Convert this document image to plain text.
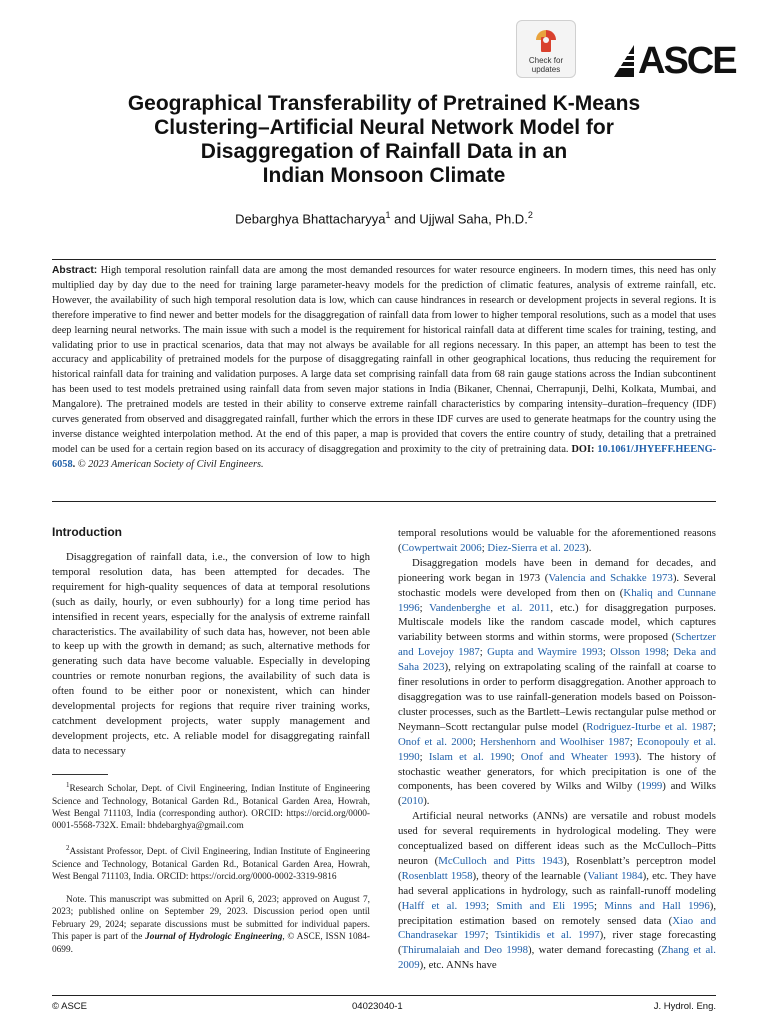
Check for
updates ASCE
Geographical Transferability of Pretrained K-Means
Clustering–Artificial Neural Network Model for
Disaggregation of Rainfall Data in an
Indian Monsoon Climate
Debarghya Bhattacharyya$^1$ and Ujjwal Saha, Ph.D.$^2$
Abstract: High temporal resolution rainfall data are among the most demanded resources for water resource engineers. In modern times, this need has only multiplied day by day due to the need for training large parameter-heavy models for the prediction of climatic features, analysis of extreme rainfall, etc. However, the availability of such high temporal resolution data is low, which can cause hindrances in research or development projects in several regions. It is therefore imperative to find newer and better models for the disaggregation of rainfall data from lower to higher temporal resolutions, such as a model that uses deep learning neural networks. The main issue with such a model is the requirement for historical rainfall data at different time scales for training, testing, and validating prior to use in practical scenarios, data that may not always be available for all regions necessary. In this paper, an attempt has been to test the accuracy and applicability of pretrained models for the purpose of disaggregating rainfall in other geographical locations, thus reducing the requirement for historical rainfall data for training and validation purposes. A large data set comprising rainfall data from 68 rain gauge stations across the Indian subcontinent has been used to test models pretrained using rainfall data from seven major stations in India (Bikaner, Chennai, Cherrapunji, Delhi, Kolkata, Mumbai, and Mangalore). The pretrained models are tested in their ability to conserve extreme rainfall characteristics by comparing intensity–duration–frequency (IDF) curves generated from observed and disaggregated rainfall, further which the errors in these IDF curves are used to generate heatmaps for the country using the inverse distance weighted interpolation method. At the end of this paper, a map is provided that covers the entire country of study, detailing that a pretrained model can be used for a certain region based on its accuracy of disaggregation and proximity to the city of pretraining data. DOI: 10.1061/JHYEFF.HEENG-6058. © 2023 American Society of Civil Engineers.
Introduction

Disaggregation of rainfall data, i.e., the conversion of low to high temporal resolution data, has been attempted for decades. The requirement for high-quality sequences of data at temporal resolutions (such as daily, hourly, or even subhourly) for a long time period has intensified in recent years, especially for the analysis of extreme rainfall characteristics. The availability of such data has, however, not been able to keep up with the growth in demand; as such, alternative methods for generating such data have become valuable. Especially in developing countries or remote nonurban regions, the availability of such data is often found to be either poor or nonexistent, which can hinder developmental projects for regions that require river training works, catchment development projects, water supply management and development projects, etc. A reliable model for disaggregating rainfall data to necessary

temporal resolutions would be valuable for the aforementioned reasons (Cowpertwait 2006; Diez-Sierra et al. 2023).

Disaggregation models have been in demand for decades, and pioneering work began in 1973 (Valencia and Schakke 1973). Several stochastic models were developed from then on (Khaliq and Cunnane 1996; Vandenberghe et al. 2011, etc.) for disaggregation purposes. Multiscale models like the random cascade model, which captures variability between storms and within storms, were proposed (Schertzer and Lovejoy 1987; Gupta and Waymire 1993; Olsson 1998; Deka and Saha 2023), relying on extrapolating scaling of the rainfall at coarse to finer resolutions in order to perform disaggregation. Another approach to disaggregation was to use rainfall-generation models based on Poisson-cluster processes, such as the Bartlett–Lewis rectangular pulse method or Neymann–Scott rectangular pulse model (Rodriguez-Iturbe et al. 1987; Onof et al. 2000; Hershenhorn and Woolhiser 1987; Econopouly et al. 1990; Islam et al. 1990; Onof and Wheater 1993). The history of stochastic weather generators, for which precipitation is one of the components, has been covered by Wilks and Wilby (1999) and Wilks (2010).

Artificial neural networks (ANNs) are versatile and robust models used for several requirements in hydrological modeling. They were conceptualized based on different ideas such as the McCulloch–Pitts neuron (McCulloch and Pitts 1943), Rosenblatt’s perceptron model (Rosenblatt 1958), theory of the learnable (Valiant 1984), etc. They have had several applications in hydrology, such as rainfall-runoff modeling (Halff et al. 1993; Smith and Eli 1995; Minns and Hall 1996), precipitation estimation based on remotely sensed data (Xiao and Chandrasekar 1997; Tsintikidis et al. 1997), river stage forecasting (Thirumalaiah and Deo 1998), water demand forecasting (Zhang et al. 2009), etc. ANNs have

$^1$Research Scholar, Dept. of Civil Engineering, Indian Institute of Engineering Science and Technology, Botanical Garden Rd., Botanical Garden Area, Howrah, West Bengal 711103, India (corresponding author). ORCID: https://orcid.org/0000-0001-5568-732X. Email: bhdebarghya@gmail.com
$^2$Assistant Professor, Dept. of Civil Engineering, Indian Institute of Engineering Science and Technology, Botanical Garden Rd., Botanical Garden Area, Howrah, West Bengal 711103, India. ORCID: https://orcid.org/0000-0002-3319-9816
Note. This manuscript was submitted on April 6, 2023; approved on August 7, 2023; published online on September 29, 2023. Discussion period open until February 29, 2024; separate discussions must be submitted for individual papers. This paper is part of the Journal of Hydrologic Engineering, © ASCE, ISSN 1084-0699.
© ASCE	04023040-1	J. Hydrol. Eng.
